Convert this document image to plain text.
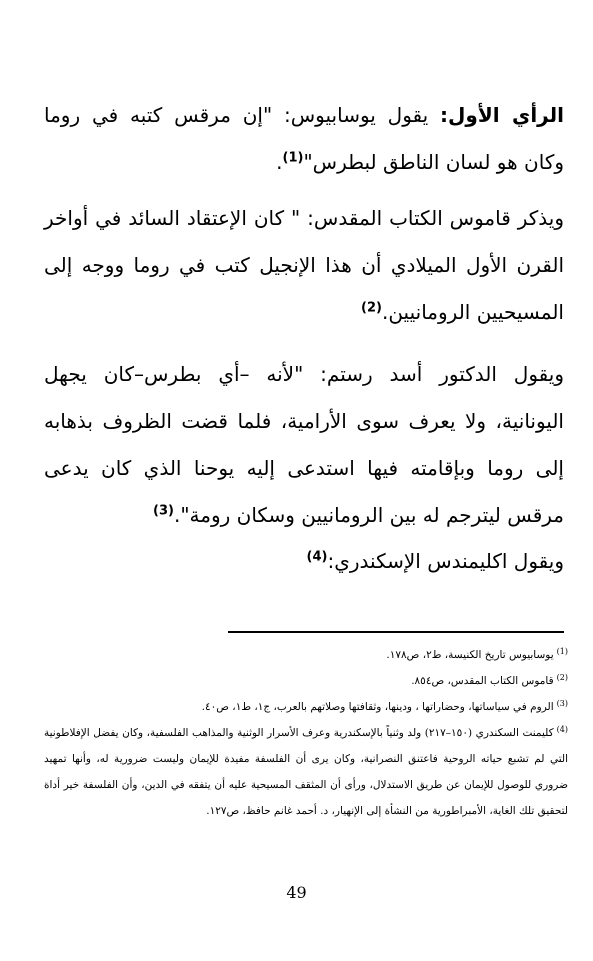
الرأي الأول: يقول يوسابيوس: "إن مرقس كتبه في روما وكان هو لسان الناطق لبطرس"$^{(1)}$.

ويذكر قاموس الكتاب المقدس: " كان الإعتقاد السائد في أواخر القرن الأول الميلادي أن هذا الإنجيل كتب في روما ووجه إلى المسيحيين الرومانيين.$^{(2)}$

ويقول الدكتور أسد رستم: "لأنه –أي بطرس–كان يجهل اليونانية، ولا يعرف سوى الأرامية، فلما قضت الظروف بذهابه إلى روما وبإقامته فيها استدعى إليه يوحنا الذي كان يدعى مرقس ليترجم له بين الرومانيين وسكان رومة".$^{(3)}$

ويقول اكليمندس الإسكندري:$^{(4)}$

$^{(1)}$يوسابيوس تاريخ الكنيسة، ط٢، ص١٧٨.
$^{(2)}$قاموس الكتاب المقدس، ص٨٥٤.
$^{(3)}$الروم في سياساتها، وحضاراتها ، ودينها، وثقافتها وصلاتهم بالعرب، ج١، ط١، ص٤٠.
$^{(4)}$كليمنت السكندري (١٥٠–٢١٧) ولد وثنياً بالإسكندرية وعرف الأسرار الوثنية والمذاهب الفلسفية، وكان يفضل الإفلاطونية التي لم تشبع حياته الروحية فاعتنق النصرانية، وكان يرى أن الفلسفة مفيدة للإيمان وليست ضرورية له، وأنها تمهيد ضروري للوصول للإيمان عن طريق الاستدلال، ورأى أن المثقف المسيحية عليه أن يتفقه في الدين، وأن الفلسفة خير أداة لتحقيق تلك الغاية، الأمبراطورية من النشأة إلى الإنهيار، د. أحمد غانم حافظ، ص١٢٧.
49
